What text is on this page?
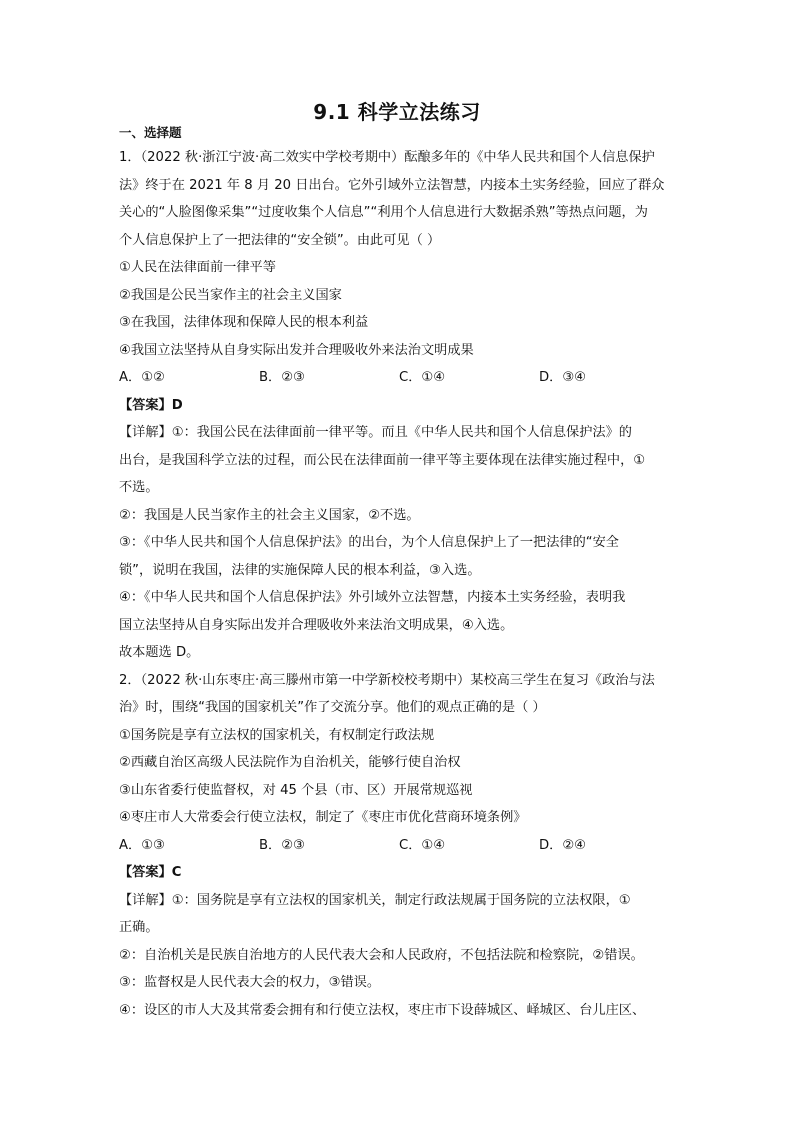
9.1 科学立法练习
一、选择题
1．（2022 秋·浙江宁波·高二效实中学校考期中）酝酿多年的《中华人民共和国个人信息保护
法》终于在 2021 年 8 月 20 日出台。它外引域外立法智慧，内接本土实务经验，回应了群众
关心的“人脸图像采集”“过度收集个人信息”“利用个人信息进行大数据杀熟”等热点问题，为
个人信息保护上了一把法律的“安全锁”。由此可见（ ）
①人民在法律面前一律平等
②我国是公民当家作主的社会主义国家
③在我国，法律体现和保障人民的根本利益
④我国立法坚持从自身实际出发并合理吸收外来法治文明成果
A．①②	B．②③	C．①④	D．③④
【答案】D
【详解】①：我国公民在法律面前一律平等。而且《中华人民共和国个人信息保护法》的
出台，是我国科学立法的过程，而公民在法律面前一律平等主要体现在法律实施过程中，①
不选。
②：我国是人民当家作主的社会主义国家，②不选。
③：《中华人民共和国个人信息保护法》的出台，为个人信息保护上了一把法律的“安全
锁”，说明在我国，法律的实施保障人民的根本利益，③入选。
④：《中华人民共和国个人信息保护法》外引域外立法智慧，内接本土实务经验，表明我
国立法坚持从自身实际出发并合理吸收外来法治文明成果，④入选。
故本题选 D。
2．（2022 秋·山东枣庄·高三滕州市第一中学新校校考期中）某校高三学生在复习《政治与法
治》时，围绕“我国的国家机关”作了交流分享。他们的观点正确的是（ ）
①国务院是享有立法权的国家机关，有权制定行政法规
②西藏自治区高级人民法院作为自治机关，能够行使自治权
③山东省委行使监督权，对 45 个县（市、区）开展常规巡视
④枣庄市人大常委会行使立法权，制定了《枣庄市优化营商环境条例》
A．①③	B．②③	C．①④	D．②④
【答案】C
【详解】①：国务院是享有立法权的国家机关，制定行政法规属于国务院的立法权限，①
正确。
②：自治机关是民族自治地方的人民代表大会和人民政府，不包括法院和检察院，②错误。
③：监督权是人民代表大会的权力，③错误。
④：设区的市人大及其常委会拥有和行使立法权，枣庄市下设薛城区、峄城区、台儿庄区、
